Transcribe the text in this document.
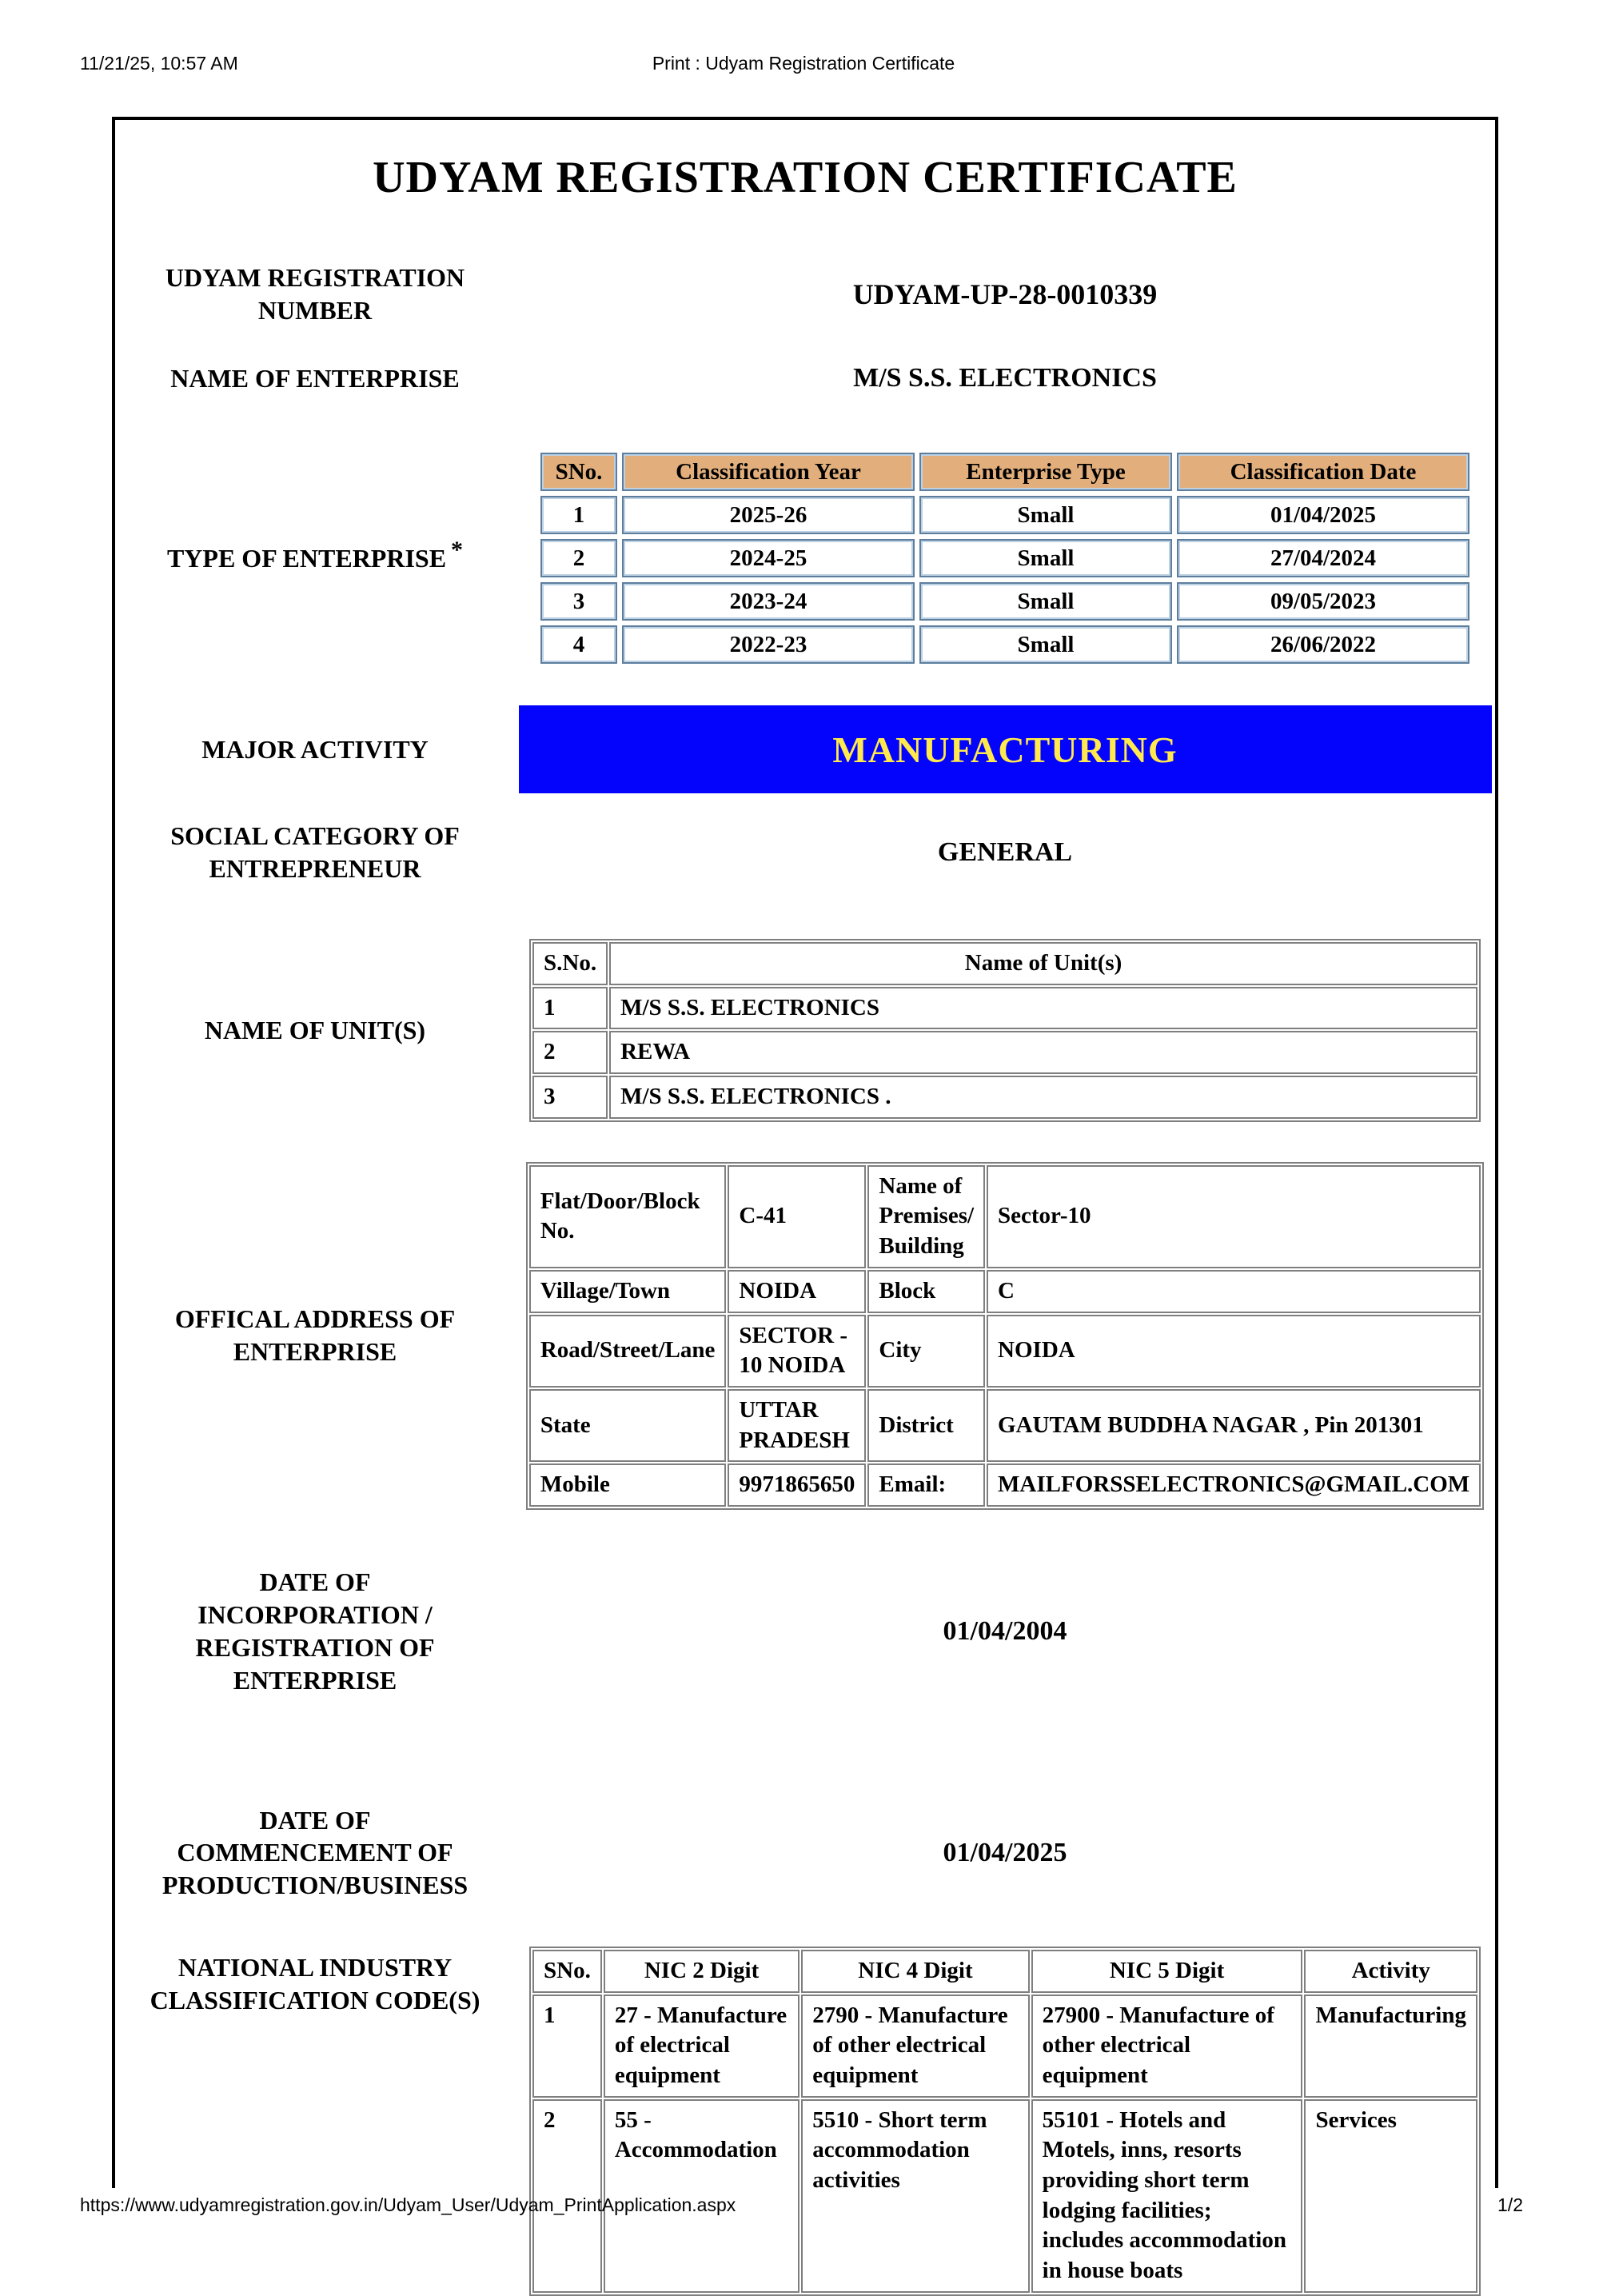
11/21/25, 10:57 AM	Print : Udyam Registration Certificate
UDYAM REGISTRATION CERTIFICATE
UDYAM REGISTRATION NUMBER	UDYAM-UP-28-0010339
NAME OF ENTERPRISE	M/S S.S. ELECTRONICS
TYPE OF ENTERPRISE *
SNo.	Classification Year	Enterprise Type	Classification Date
1	2025-26	Small	01/04/2025
2	2024-25	Small	27/04/2024
3	2023-24	Small	09/05/2023
4	2022-23	Small	26/06/2022
MAJOR ACTIVITY	MANUFACTURING
SOCIAL CATEGORY OF ENTREPRENEUR
GENERAL
NAME OF UNIT(S)
S.No.	Name of Unit(s)
1	M/S S.S. ELECTRONICS
2	REWA
3	M/S S.S. ELECTRONICS .
OFFICAL ADDRESS OF ENTERPRISE
Flat/Door/Block No.	C-41	Name of Premises/ Building	Sector-10
Village/Town	NOIDA	Block	C
Road/Street/Lane	SECTOR - 10 NOIDA	City	NOIDA
State	UTTAR PRADESH	District	GAUTAM BUDDHA NAGAR , Pin 201301
Mobile	9971865650	Email:	MAILFORSSELECTRONICS@GMAIL.COM
DATE OF INCORPORATION / REGISTRATION OF ENTERPRISE
01/04/2004
DATE OF COMMENCEMENT OF PRODUCTION/BUSINESS
01/04/2025
NATIONAL INDUSTRY CLASSIFICATION CODE(S)
SNo.	NIC 2 Digit	NIC 4 Digit	NIC 5 Digit	Activity
1	27 - Manufacture of electrical equipment	2790 - Manufacture of other electrical equipment	27900 - Manufacture of other electrical equipment	Manufacturing
2	55 - Accommodation	5510 - Short term accommodation activities	55101 - Hotels and Motels, inns, resorts providing short term lodging facilities; includes accommodation in house boats	Services
https://www.udyamregistration.gov.in/Udyam_User/Udyam_PrintApplication.aspx	1/2
